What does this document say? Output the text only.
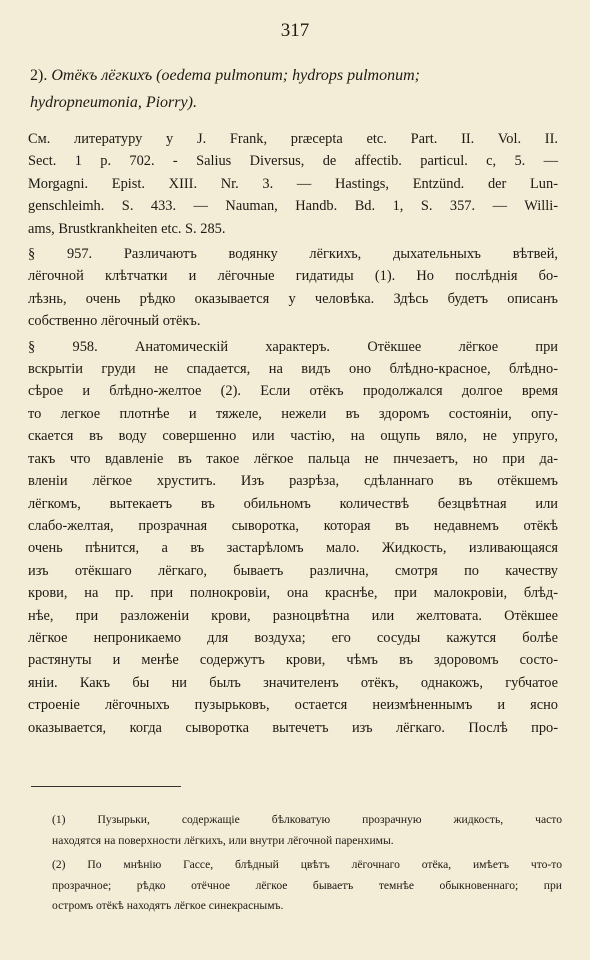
317
2). Отёкъ лёгкихъ (oedema pulmonum; hydrops pulmonum;
hydropneumonia, Piorry).

См. литературу у J. Frank, præcepta etc. Part. II. Vol. II.
Sect. 1 p. 702. - Salius Diversus, de affectib. particul. c, 5. —
Morgagni. Epist. XIII. Nr. 3. — Hastings, Entzünd. der Lun-
genschleimh. S. 433. — Nauman, Handb. Bd. 1, S. 357. — Willi-
ams, Brustkrankheiten etc. S. 285.

§ 957. Различаютъ водянку лёгкихъ, дыхательныхъ вѣтвей,
лёгочной клѣтчатки и лёгочные гидатиды (1). Но послѣднія бо-
лѣзнь, очень рѣдко оказывается у человѣка. Здѣсь будетъ описанъ
собственно лёгочный отёкъ.

§ 958. Анатомическій характеръ. Отёкшее лёгкое при
вскрытіи груди не спадается, на видъ оно блѣдно-красное, блѣдно-
сѣрое и блѣдно-желтое (2). Если отёкъ продолжался долгое время
то легкое плотнѣе и тяжеле, нежели въ здоромъ состояніи, опу-
скается въ воду совершенно или частію, на ощупь вяло, не упруго,
такъ что вдавленіе въ такое лёгкое пальца не пнчезаетъ, но при да-
вленіи лёгкое хруститъ. Изъ разрѣза, сдѣланнаго въ отёкшемъ
лёгкомъ, вытекаетъ въ обильномъ количествѣ безцвѣтная или
слабо-желтая, прозрачная сыворотка, которая въ недавнемъ отёкѣ
очень пѣнится, а въ застарѣломъ мало. Жидкость, изливающаяся
изъ отёкшаго лёгкаго, бываетъ различна, смотря по качеству
крови, на пр. при полнокровіи, она краснѣе, при малокровіи, блѣд-
нѣе, при разложеніи крови, разноцвѣтна или желтовата. Отёкшее
лёгкое непроникаемо для воздуха; его сосуды кажутся болѣе
растянуты и менѣе содержутъ крови, чѣмъ въ здоровомъ состо-
яніи. Какъ бы ни былъ значителенъ отёкъ, однакожъ, губчатое
строеніе лёгочныхъ пузырьковъ, остается неизмѣненнымъ и ясно
оказывается, когда сыворотка вытечетъ изъ лёгкаго. Послѣ про-

(1) Пузырьки, содержащіе бѣлковатую прозрачную жидкость, часто
находятся на поверхности лёгкихъ, или внутри лёгочной паренхимы.
(2) По мнѣнію Гассе, блѣдный цвѣтъ лёгочнаго отёка, имѣетъ что-то
прозрачное; рѣдко отёчное лёгкое бываетъ темнѣе обыкновеннаго; при
остромъ отёкѣ находятъ лёгкое синекраснымъ.
